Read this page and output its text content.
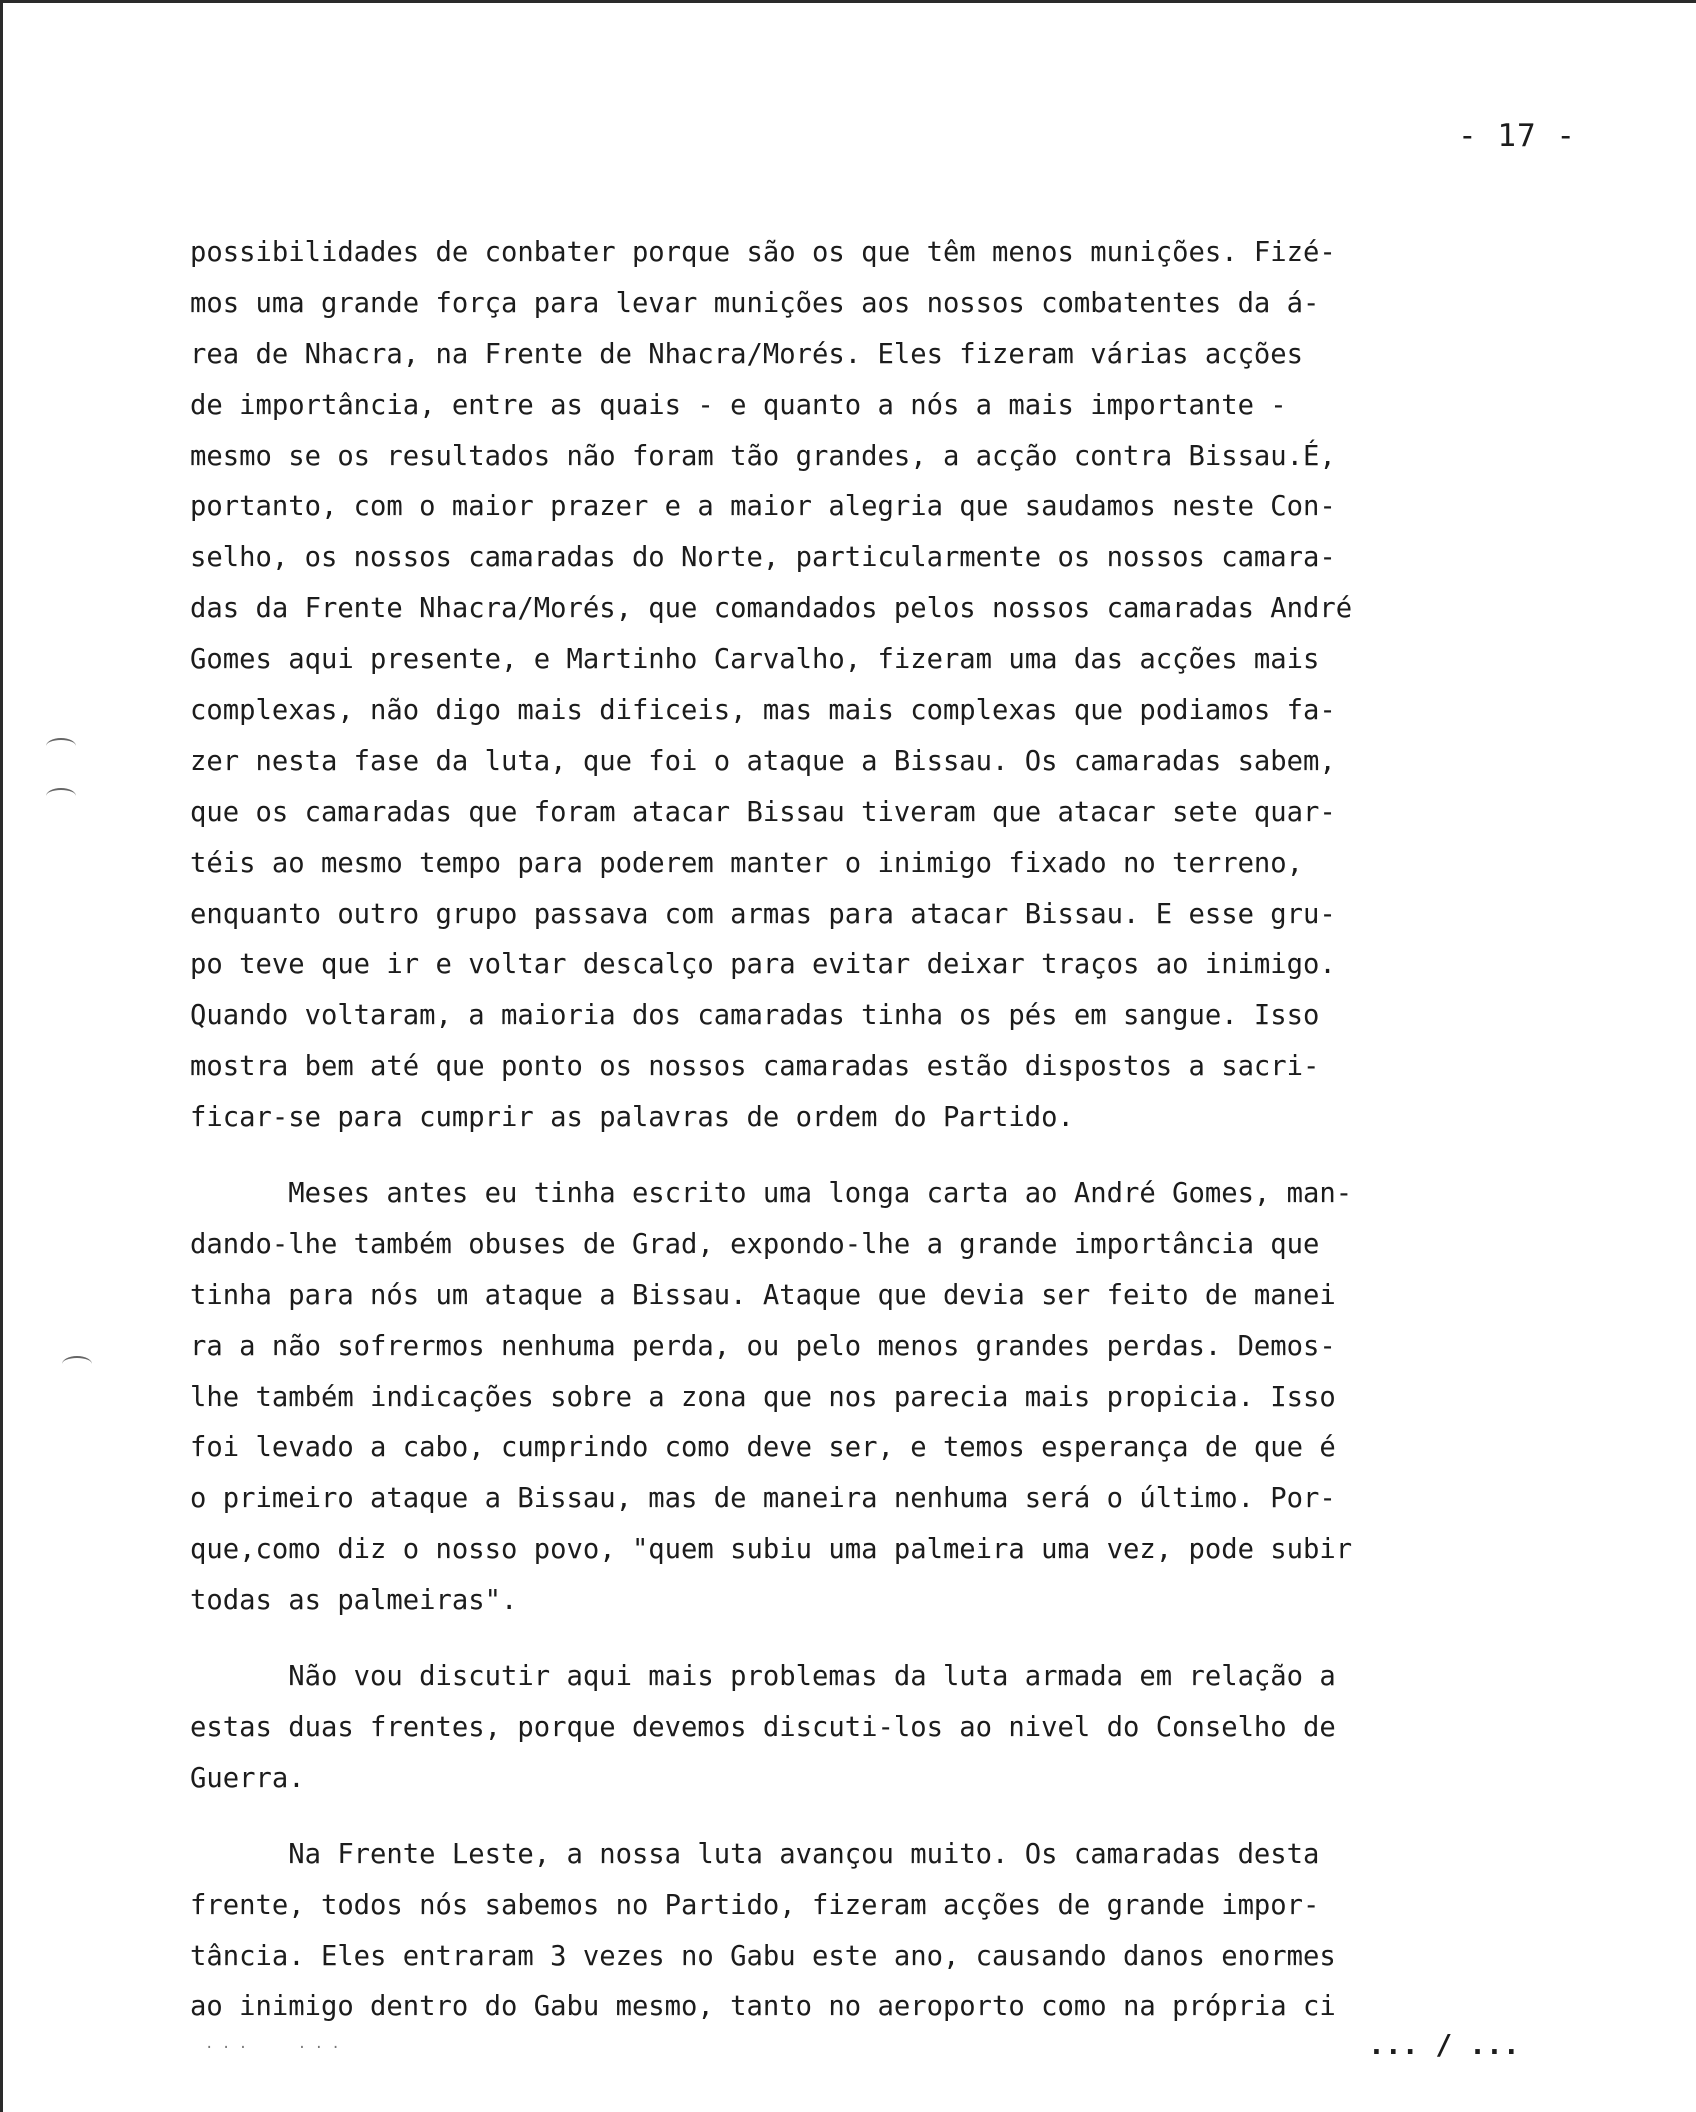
- 17 -
possibilidades de conbater porque são os que têm menos munições. Fizé-
mos uma grande força para levar munições aos nossos combatentes da á-
rea de Nhacra, na Frente de Nhacra/Morés. Eles fizeram várias acções
de importância, entre as quais - e quanto a nós a mais importante -
mesmo se os resultados não foram tão grandes, a acção contra Bissau.É,
portanto, com o maior prazer e a maior alegria que saudamos neste Con-
selho, os nossos camaradas do Norte, particularmente os nossos camara-
das da Frente Nhacra/Morés, que comandados pelos nossos camaradas André
Gomes aqui presente, e Martinho Carvalho, fizeram uma das acções mais
complexas, não digo mais dificeis, mas mais complexas que podiamos fa-
zer nesta fase da luta, que foi o ataque a Bissau. Os camaradas sabem,
que os camaradas que foram atacar Bissau tiveram que atacar sete quar-
téis ao mesmo tempo para poderem manter o inimigo fixado no terreno,
enquanto outro grupo passava com armas para atacar Bissau. E esse gru-
po teve que ir e voltar descalço para evitar deixar traços ao inimigo.
Quando voltaram, a maioria dos camaradas tinha os pés em sangue. Isso
mostra bem até que ponto os nossos camaradas estão dispostos a sacri-
ficar-se para cumprir as palavras de ordem do Partido.
Meses antes eu tinha escrito uma longa carta ao André Gomes, man-
dando-lhe também obuses de Grad, expondo-lhe a grande importância que
tinha para nós um ataque a Bissau. Ataque que devia ser feito de manei
ra a não sofrermos nenhuma perda, ou pelo menos grandes perdas. Demos-
lhe também indicações sobre a zona que nos parecia mais propicia. Isso
foi levado a cabo, cumprindo como deve ser, e temos esperança de que é
o primeiro ataque a Bissau, mas de maneira nenhuma será o último. Por-
que,como diz o nosso povo, "quem subiu uma palmeira uma vez, pode subir
todas as palmeiras".
Não vou discutir aqui mais problemas da luta armada em relação a
estas duas frentes, porque devemos discuti-los ao nivel do Conselho de
Guerra.
Na Frente Leste, a nossa luta avançou muito. Os camaradas desta
frente, todos nós sabemos no Partido, fizeram acções de grande impor-
tância. Eles entraram 3 vezes no Gabu este ano, causando danos enormes
ao inimigo dentro do Gabu mesmo, tanto no aeroporto como na própria ci
... / ...
. . .      . . .
